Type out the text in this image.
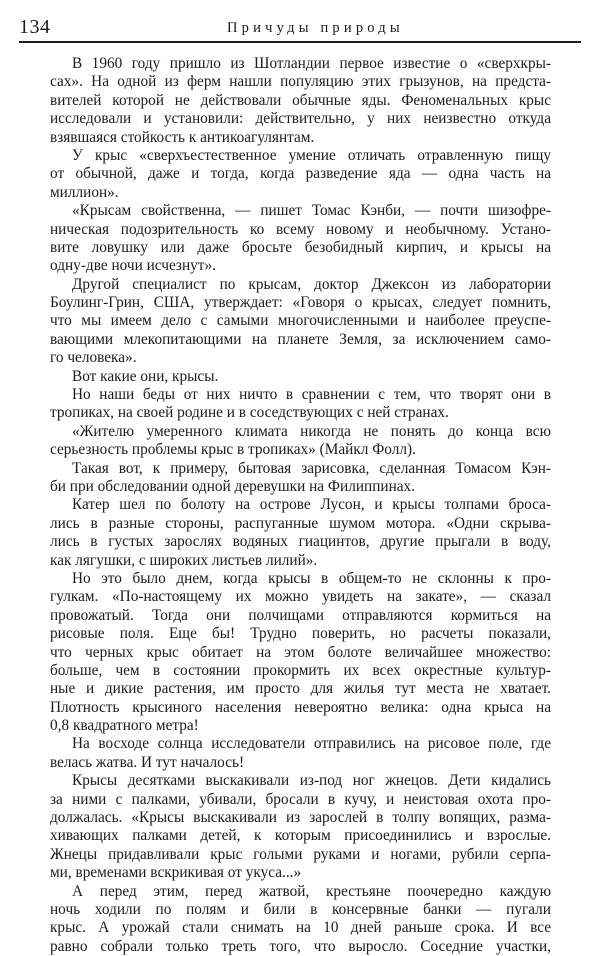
134	Причуды природы
В 1960 году пришло из Шотландии первое известие о «сверхкры-
сах». На одной из ферм нашли популяцию этих грызунов, на предста-
вителей которой не действовали обычные яды. Феноменальных крыс
исследовали и установили: действительно, у них неизвестно откуда
взявшаяся стойкость к антикоагулянтам.
У крыс «сверхъестественное умение отличать отравленную пищу
от обычной, даже и тогда, когда разведение яда — одна часть на
миллион».
«Крысам свойственна, — пишет Томас Кэнби, — почти шизофре-
ническая подозрительность ко всему новому и необычному. Устано-
вите ловушку или даже бросьте безобидный кирпич, и крысы на
одну-две ночи исчезнут».
Другой специалист по крысам, доктор Джексон из лаборатории
Боулинг-Грин, США, утверждает: «Говоря о крысах, следует помнить,
что мы имеем дело с самыми многочисленными и наиболее преуспе-
вающими млекопитающими на планете Земля, за исключением само-
го человека».
Вот какие они, крысы.
Но наши беды от них ничто в сравнении с тем, что творят они в
тропиках, на своей родине и в соседствующих с ней странах.
«Жителю умеренного климата никогда не понять до конца всю
серьезность проблемы крыс в тропиках» (Майкл Фолл).
Такая вот, к примеру, бытовая зарисовка, сделанная Томасом Кэн-
би при обследовании одной деревушки на Филиппинах.
Катер шел по болоту на острове Лусон, и крысы толпами броса-
лись в разные стороны, распуганные шумом мотора. «Одни скрыва-
лись в густых зарослях водяных гиацинтов, другие прыгали в воду,
как лягушки, с широких листьев лилий».
Но это было днем, когда крысы в общем-то не склонны к про-
гулкам. «По-настоящему их можно увидеть на закате», — сказал
провожатый. Тогда они полчищами отправляются кормиться на
рисовые поля. Еще бы! Трудно поверить, но расчеты показали,
что черных крыс обитает на этом болоте величайшее множество:
больше, чем в состоянии прокормить их всех окрестные культур-
ные и дикие растения, им просто для жилья тут места не хватает.
Плотность крысиного населения невероятно велика: одна крыса на
0,8 квадратного метра!
На восходе солнца исследователи отправились на рисовое поле, где
велась жатва. И тут началось!
Крысы десятками выскакивали из-под ног жнецов. Дети кидались
за ними с палками, убивали, бросали в кучу, и неистовая охота про-
должалась. «Крысы выскакивали из зарослей в толпу вопящих, разма-
хивающих палками детей, к которым присоединились и взрослые.
Жнецы придавливали крыс голыми руками и ногами, рубили серпа-
ми, временами вскрикивая от укуса...»
А перед этим, перед жатвой, крестьяне поочередно каждую
ночь ходили по полям и били в консервные банки — пугали
крыс. А урожай стали снимать на 10 дней раньше срока. И все
равно собрали только треть того, что выросло. Соседние участки,
